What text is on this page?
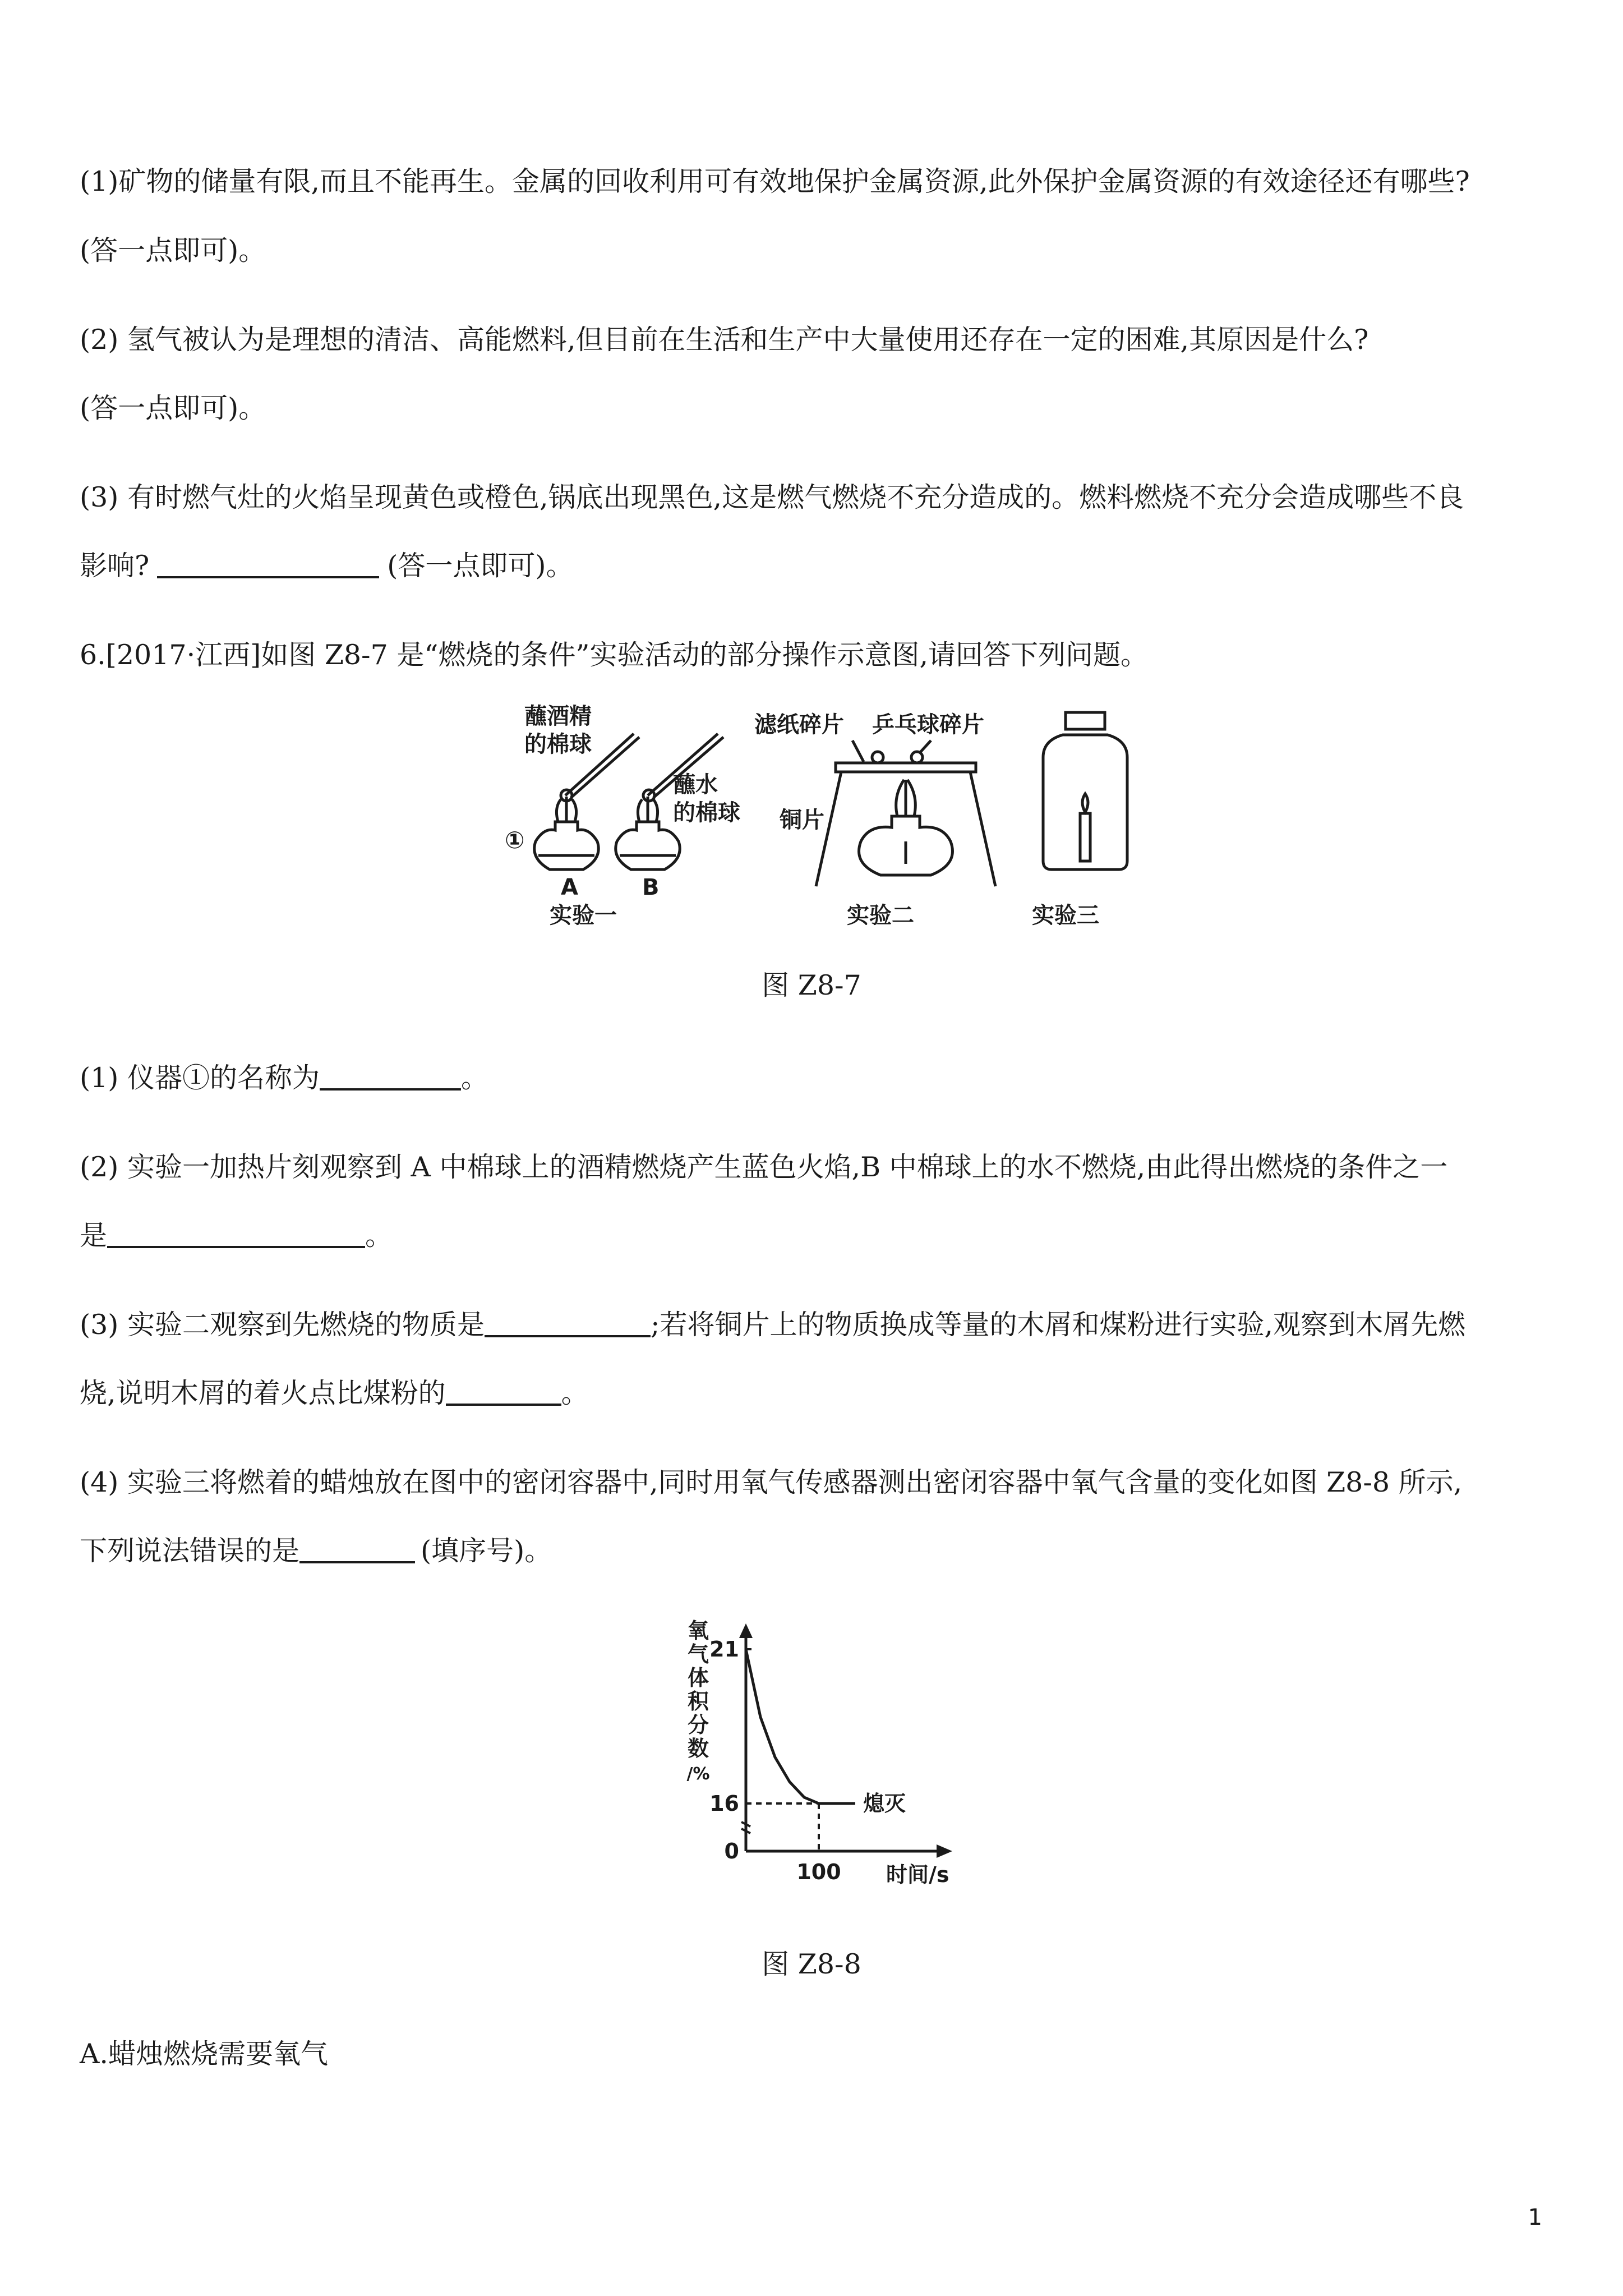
(1)矿物的储量有限,而且不能再生。金属的回收利用可有效地保护金属资源,此外保护金属资源的有效途径还有哪些?
(答一点即可)。
(2) 氢气被认为是理想的清洁、高能燃料,但目前在生活和生产中大量使用还存在一定的困难,其原因是什么?
(答一点即可)。
(3) 有时燃气灶的火焰呈现黄色或橙色,锅底出现黑色,这是燃气燃烧不充分造成的。燃料燃烧不充分会造成哪些不良
影响?	(答一点即可)。
6.[2017·江西]如图 Z8-7 是“燃烧的条件”实验活动的部分操作示意图,请回答下列问题。
蘸酒精
的棉球
蘸水
的棉球
①
A	B
滤纸碎片 乒乓球碎片
铜片
实验一	实验二	实验三
图 Z8-7
(1) 仪器①的名称为	。
(2) 实验一加热片刻观察到 A 中棉球上的酒精燃烧产生蓝色火焰,B 中棉球上的水不燃烧,由此得出燃烧的条件之一
是	。
(3) 实验二观察到先燃烧的物质是	;若将铜片上的物质换成等量的木屑和煤粉进行实验,观察到木屑先燃
烧,说明木屑的着火点比煤粉的	。
(4) 实验三将燃着的蜡烛放在图中的密闭容器中,同时用氧气传感器测出密闭容器中氧气含量的变化如图 Z8-8 所示,
下列说法错误的是	(填序号)。
氧
气
体
积
分
数
/%
21
16
0
100
熄灭
时间/s
图 Z8-8
A.蜡烛燃烧需要氧气
1
